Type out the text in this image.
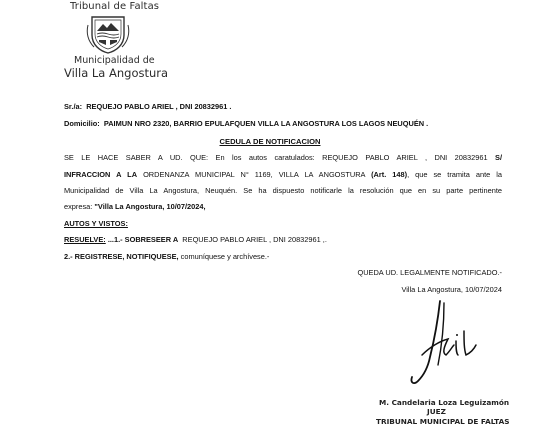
Tribunal de Faltas
Municipalidad de
Villa La Angostura
Sr./a: REQUEJO PABLO ARIEL , DNI 20832961 .
Domicilio: PAIMUN NRO 2320, BARRIO EPULAFQUEN VILLA LA ANGOSTURA LOS LAGOS NEUQUÉN .
CEDULA DE NOTIFICACION
SE LE HACE SABER A UD. QUE: En los autos caratulados: REQUEJO PABLO ARIEL , DNI 20832961 S/
INFRACCION A LA ORDENANZA MUNICIPAL N° 1169, VILLA LA ANGOSTURA (Art. 148), que se tramita ante la
Municipalidad de Villa La Angostura, Neuquén. Se ha dispuesto notificarle la resolución que en su parte pertinente
expresa: "Villa La Angostura, 10/07/2024,
AUTOS Y VISTOS:
RESUELVE: ...1.- SOBRESEER A REQUEJO PABLO ARIEL , DNI 20832961 ,.
2.- REGISTRESE, NOTIFIQUESE, comuníquese y archívese.-
QUEDA UD. LEGALMENTE NOTIFICADO.-
Villa La Angostura, 10/07/2024
M. Candelaria Loza Leguizamón
JUEZ
TRIBUNAL MUNICIPAL DE FALTAS
